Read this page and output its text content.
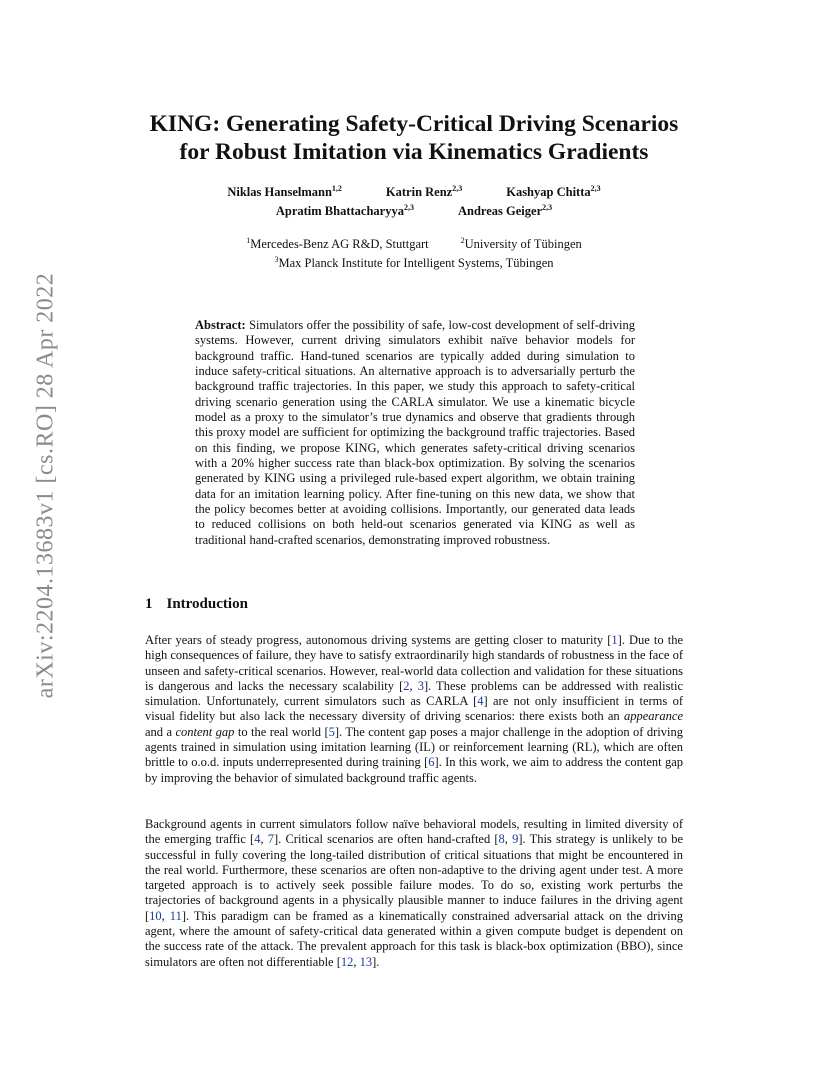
arXiv:2204.13683v1 [cs.RO] 28 Apr 2022
KING: Generating Safety-Critical Driving Scenarios
for Robust Imitation via Kinematics Gradients
Niklas Hanselmann$^{1,2}$	Katrin Renz$^{2,3}$	Kashyap Chitta$^{2,3}$
Apratim Bhattacharyya$^{2,3}$	Andreas Geiger$^{2,3}$
$^1$Mercedes-Benz AG R&D, Stuttgart	$^2$University of Tübingen
$^3$Max Planck Institute for Intelligent Systems, Tübingen

Abstract: Simulators offer the possibility of safe, low-cost development of self-driving systems. However, current driving simulators exhibit naïve behavior models for background traffic. Hand-tuned scenarios are typically added during simulation to induce safety-critical situations. An alternative approach is to adversarially perturb the background traffic trajectories. In this paper, we study this approach to safety-critical driving scenario generation using the CARLA simulator. We use a kinematic bicycle model as a proxy to the simulator’s true dynamics and observe that gradients through this proxy model are sufficient for optimizing the background traffic trajectories. Based on this finding, we propose KING, which generates safety-critical driving scenarios with a 20% higher success rate than black-box optimization. By solving the scenarios generated by KING using a privileged rule-based expert algorithm, we obtain training data for an imitation learning policy. After fine-tuning on this new data, we show that the policy becomes better at avoiding collisions. Importantly, our generated data leads to reduced collisions on both held-out scenarios generated via KING as well as traditional hand-crafted scenarios, demonstrating improved robustness.

1 Introduction

After years of steady progress, autonomous driving systems are getting closer to maturity [1]. Due to the high consequences of failure, they have to satisfy extraordinarily high standards of robustness in the face of unseen and safety-critical scenarios. However, real-world data collection and validation for these situations is dangerous and lacks the necessary scalability [2, 3]. These problems can be addressed with realistic simulation. Unfortunately, current simulators such as CARLA [4] are not only insufficient in terms of visual fidelity but also lack the necessary diversity of driving scenarios: there exists both an appearance and a content gap to the real world [5]. The content gap poses a major challenge in the adoption of driving agents trained in simulation using imitation learning (IL) or reinforcement learning (RL), which are often brittle to o.o.d. inputs underrepresented during training [6]. In this work, we aim to address the content gap by improving the behavior of simulated background traffic agents.

Background agents in current simulators follow naïve behavioral models, resulting in limited diversity of the emerging traffic [4, 7]. Critical scenarios are often hand-crafted [8, 9]. This strategy is unlikely to be successful in fully covering the long-tailed distribution of critical situations that might be encountered in the real world. Furthermore, these scenarios are often non-adaptive to the driving agent under test. A more targeted approach is to actively seek possible failure modes. To do so, existing work perturbs the trajectories of background agents in a physically plausible manner to induce failures in the driving agent [10, 11]. This paradigm can be framed as a kinematically constrained adversarial attack on the driving agent, where the amount of safety-critical data generated within a given compute budget is dependent on the success rate of the attack. The prevalent approach for this task is black-box optimization (BBO), since simulators are often not differentiable [12, 13].
